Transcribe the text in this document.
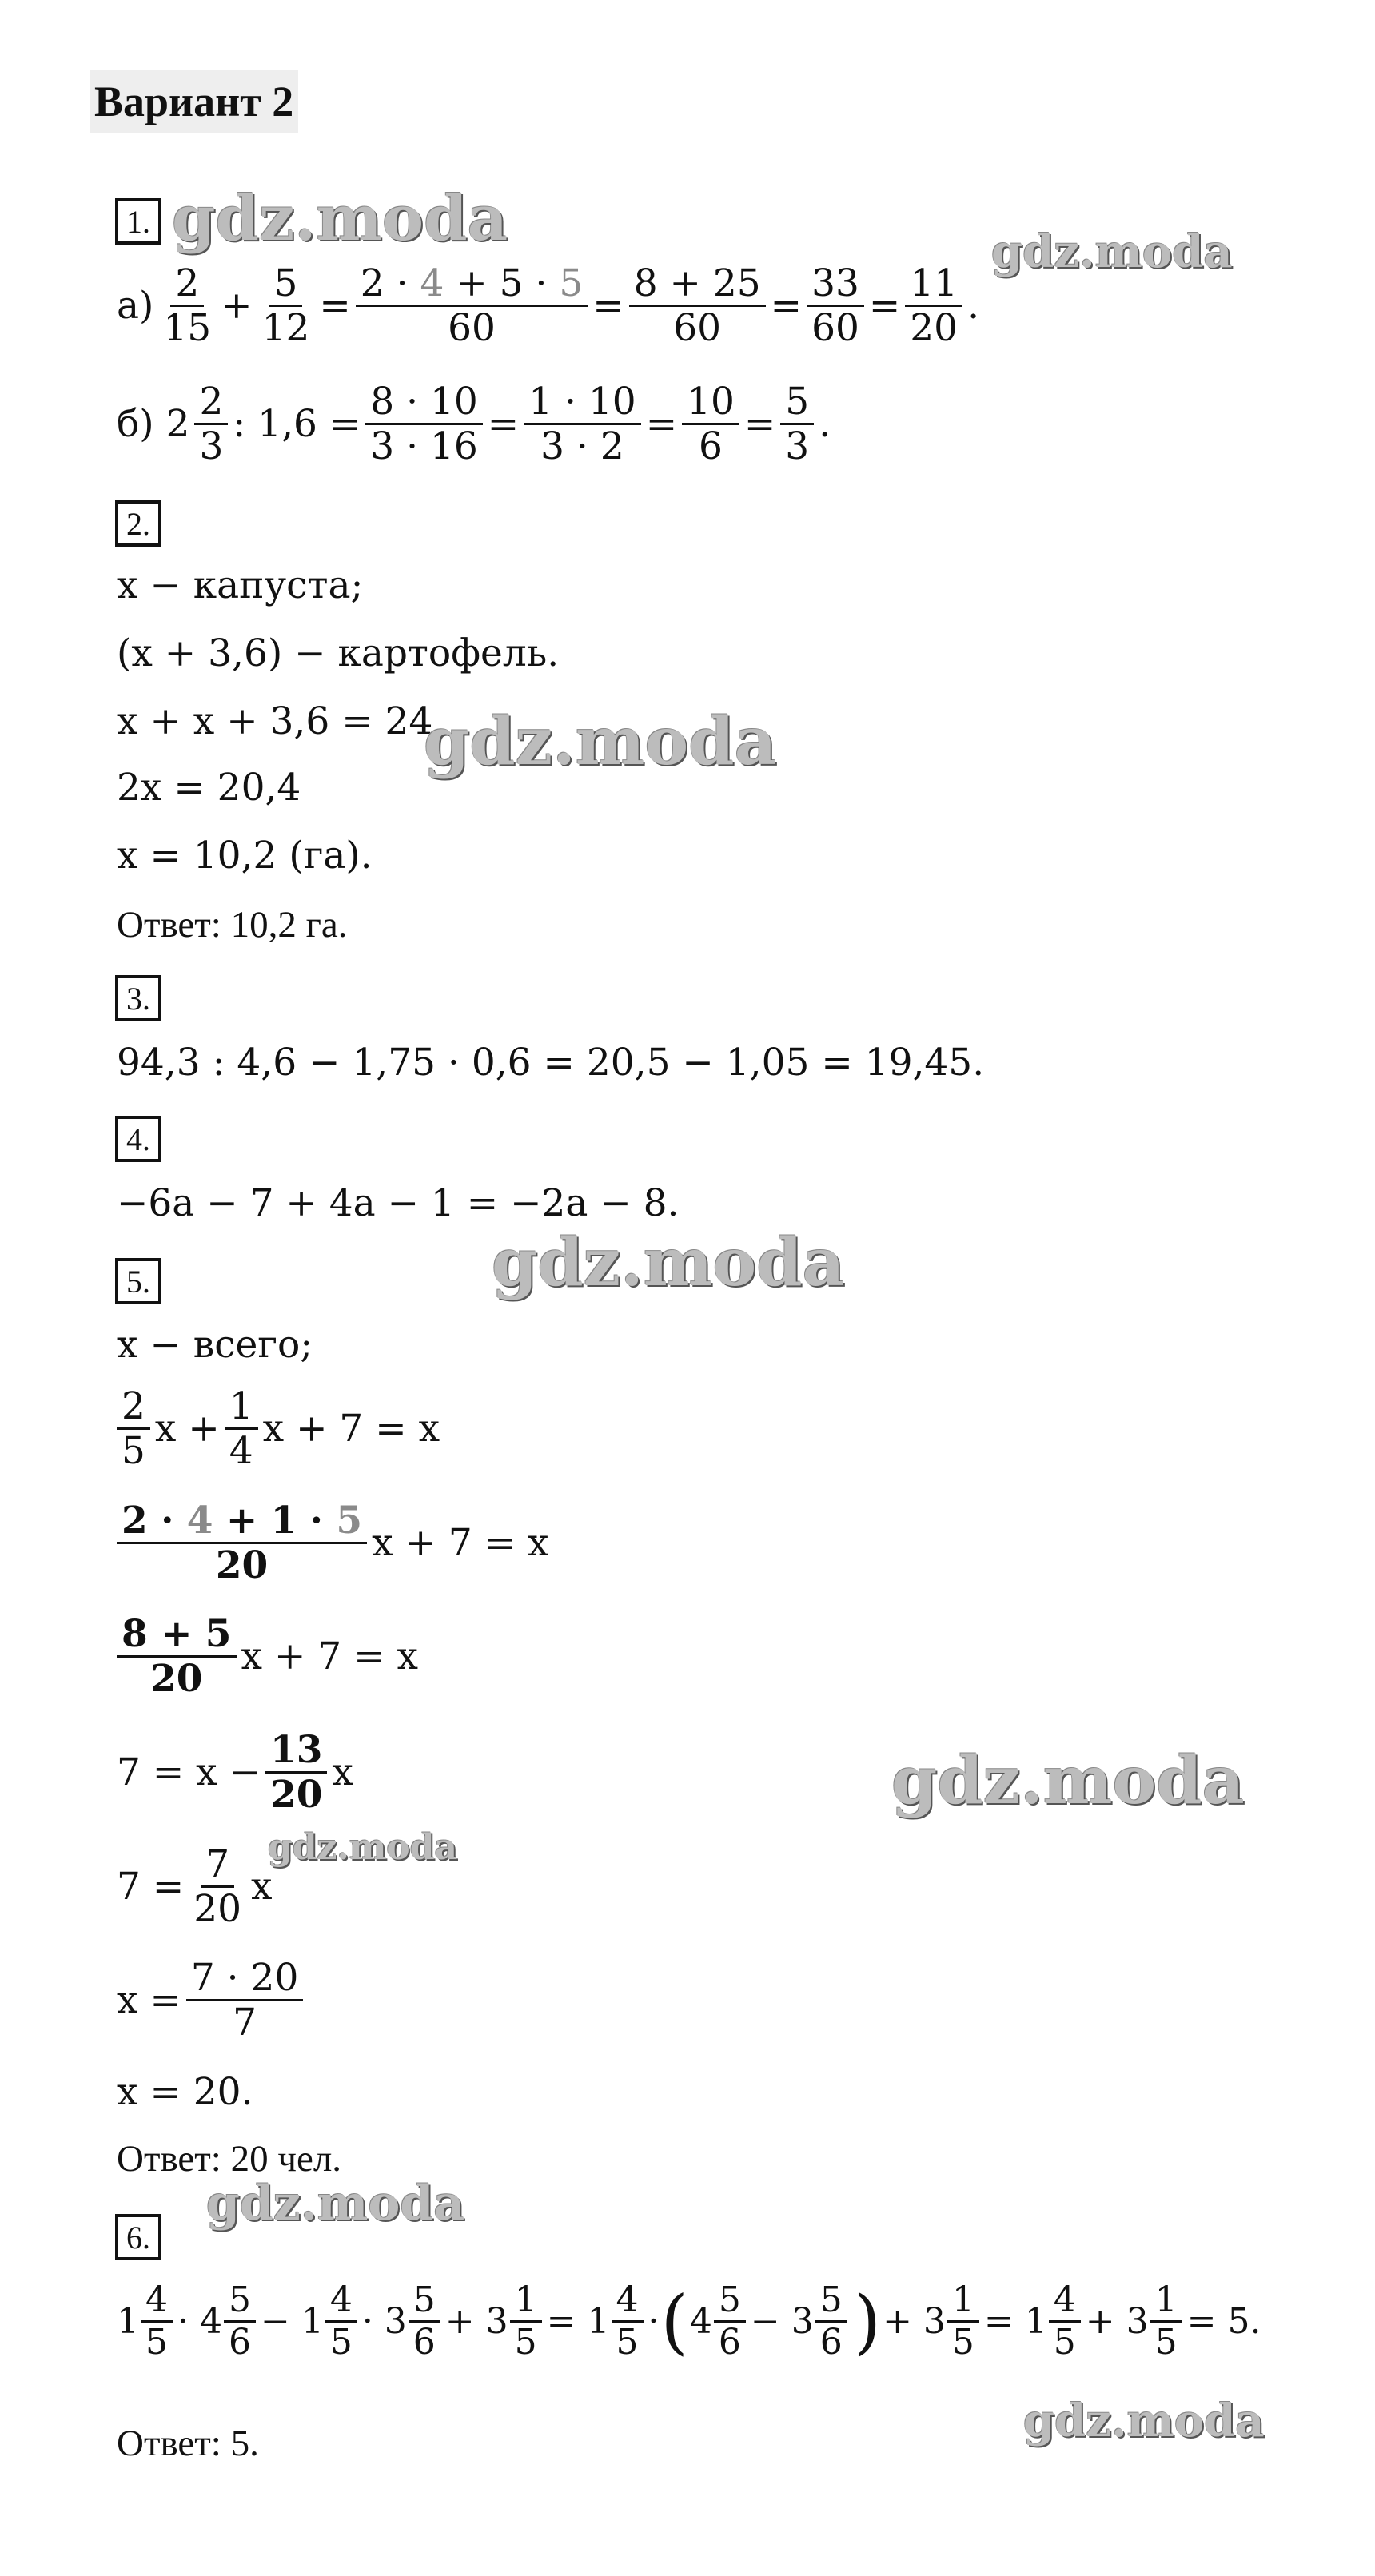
Вариант 2
1.
$а) \frac{2}{15} + \frac{5}{12} = \frac{2 \cdot 4 + 5 \cdot 5}{60} = \frac{8 + 25}{60} = \frac{33}{60} = \frac{11}{20}$ .
б) $2 \frac{2}{3}$ : $1,6 = \frac{8 \cdot 10}{3 \cdot 16} = \frac{1 \cdot 10}{3 \cdot 2} = \frac{10}{6} = \frac{5}{3}$ .
2.
x − капуста;
(x + 3,6) − картофель.
x + x + 3,6 = 24
2x = 20,4
x = 10,2 (га).
Ответ: 10,2 га.
3.
94,3 : 4,6 − 1,75 · 0,6 = 20,5 − 1,05 = 19,45.
4.
−6a − 7 + 4a − 1 = −2a − 8.
5.
x − всего;
$\frac{2}{5}$ $x + \frac{1}{4}$ x + 7 = x
$\frac{2 \cdot 4 + 1 \cdot 5}{20}$ x + 7 = x
$\frac{8 + 5}{20}$ x + 7 = x
$7 = x - \frac{13}{20}$ x
$7 = \frac{7}{20}$ x
$x = \frac{7 \cdot 20}{7}$
x = 20.
Ответ: 20 чел.
6.
$1 \frac{4}{5} \cdot 4 \frac{5}{6} - 1 \frac{4}{5} \cdot 3 \frac{5}{6} + 3 \frac{1}{5} = 1 \frac{4}{5}$ · ( $4 \frac{5}{6} - 3 \frac{5}{6}$ ) + $3 \frac{1}{5} = 1 \frac{4}{5} + 3 \frac{1}{5} = 5$.
Ответ: 5.
gdz.moda	gdz.moda
gdz.moda
gdz.moda
gdz.moda
gdz.moda
gdz.moda
gdz.moda
